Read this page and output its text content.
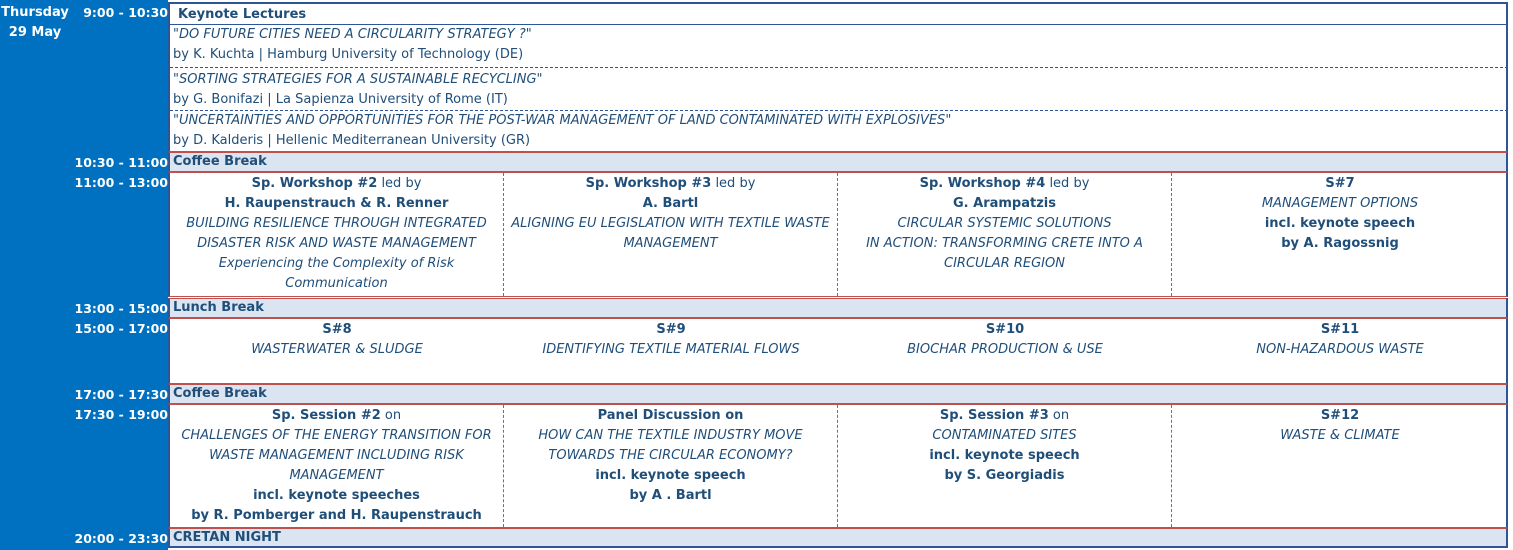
Thursday
29 May
9:00 - 10:30
10:30 - 11:00
11:00 - 13:00
13:00 - 15:00
15:00 - 17:00
17:00 - 17:30
17:30 - 19:00
20:00 - 23:30
Keynote Lectures
"DO FUTURE CITIES NEED A CIRCULARITY STRATEGY ?"
by K. Kuchta | Hamburg University of Technology (DE)
"SORTING STRATEGIES FOR A SUSTAINABLE RECYCLING"
by G. Bonifazi | La Sapienza University of Rome (IT)
"UNCERTAINTIES AND OPPORTUNITIES FOR THE POST-WAR MANAGEMENT OF LAND CONTAMINATED WITH EXPLOSIVES"
by D. Kalderis | Hellenic Mediterranean University (GR)
Coffee Break
Sp. Workshop #2 led by
H. Raupenstrauch & R. Renner
BUILDING RESILIENCE THROUGH INTEGRATED
DISASTER RISK AND WASTE MANAGEMENT
Experiencing the Complexity of Risk
Communication
Sp. Workshop #3 led by
A. Bartl
ALIGNING EU LEGISLATION WITH TEXTILE WASTE
MANAGEMENT
Sp. Workshop #4 led by
G. Arampatzis
CIRCULAR SYSTEMIC SOLUTIONS
IN ACTION: TRANSFORMING CRETE INTO A
CIRCULAR REGION
S#7
MANAGEMENT OPTIONS
incl. keynote speech
by A. Ragossnig
Lunch Break
S#8
WASTERWATER & SLUDGE
S#9
IDENTIFYING TEXTILE MATERIAL FLOWS
S#10
BIOCHAR PRODUCTION & USE
S#11
NON-HAZARDOUS WASTE
Coffee Break
Sp. Session #2 on
CHALLENGES OF THE ENERGY TRANSITION FOR
WASTE MANAGEMENT INCLUDING RISK
MANAGEMENT
incl. keynote speeches
by R. Pomberger and H. Raupenstrauch
Panel Discussion on
HOW CAN THE TEXTILE INDUSTRY MOVE
TOWARDS THE CIRCULAR ECONOMY?
incl. keynote speech
by A . Bartl
Sp. Session #3 on
CONTAMINATED SITES
incl. keynote speech
by S. Georgiadis
S#12
WASTE & CLIMATE
CRETAN NIGHT
